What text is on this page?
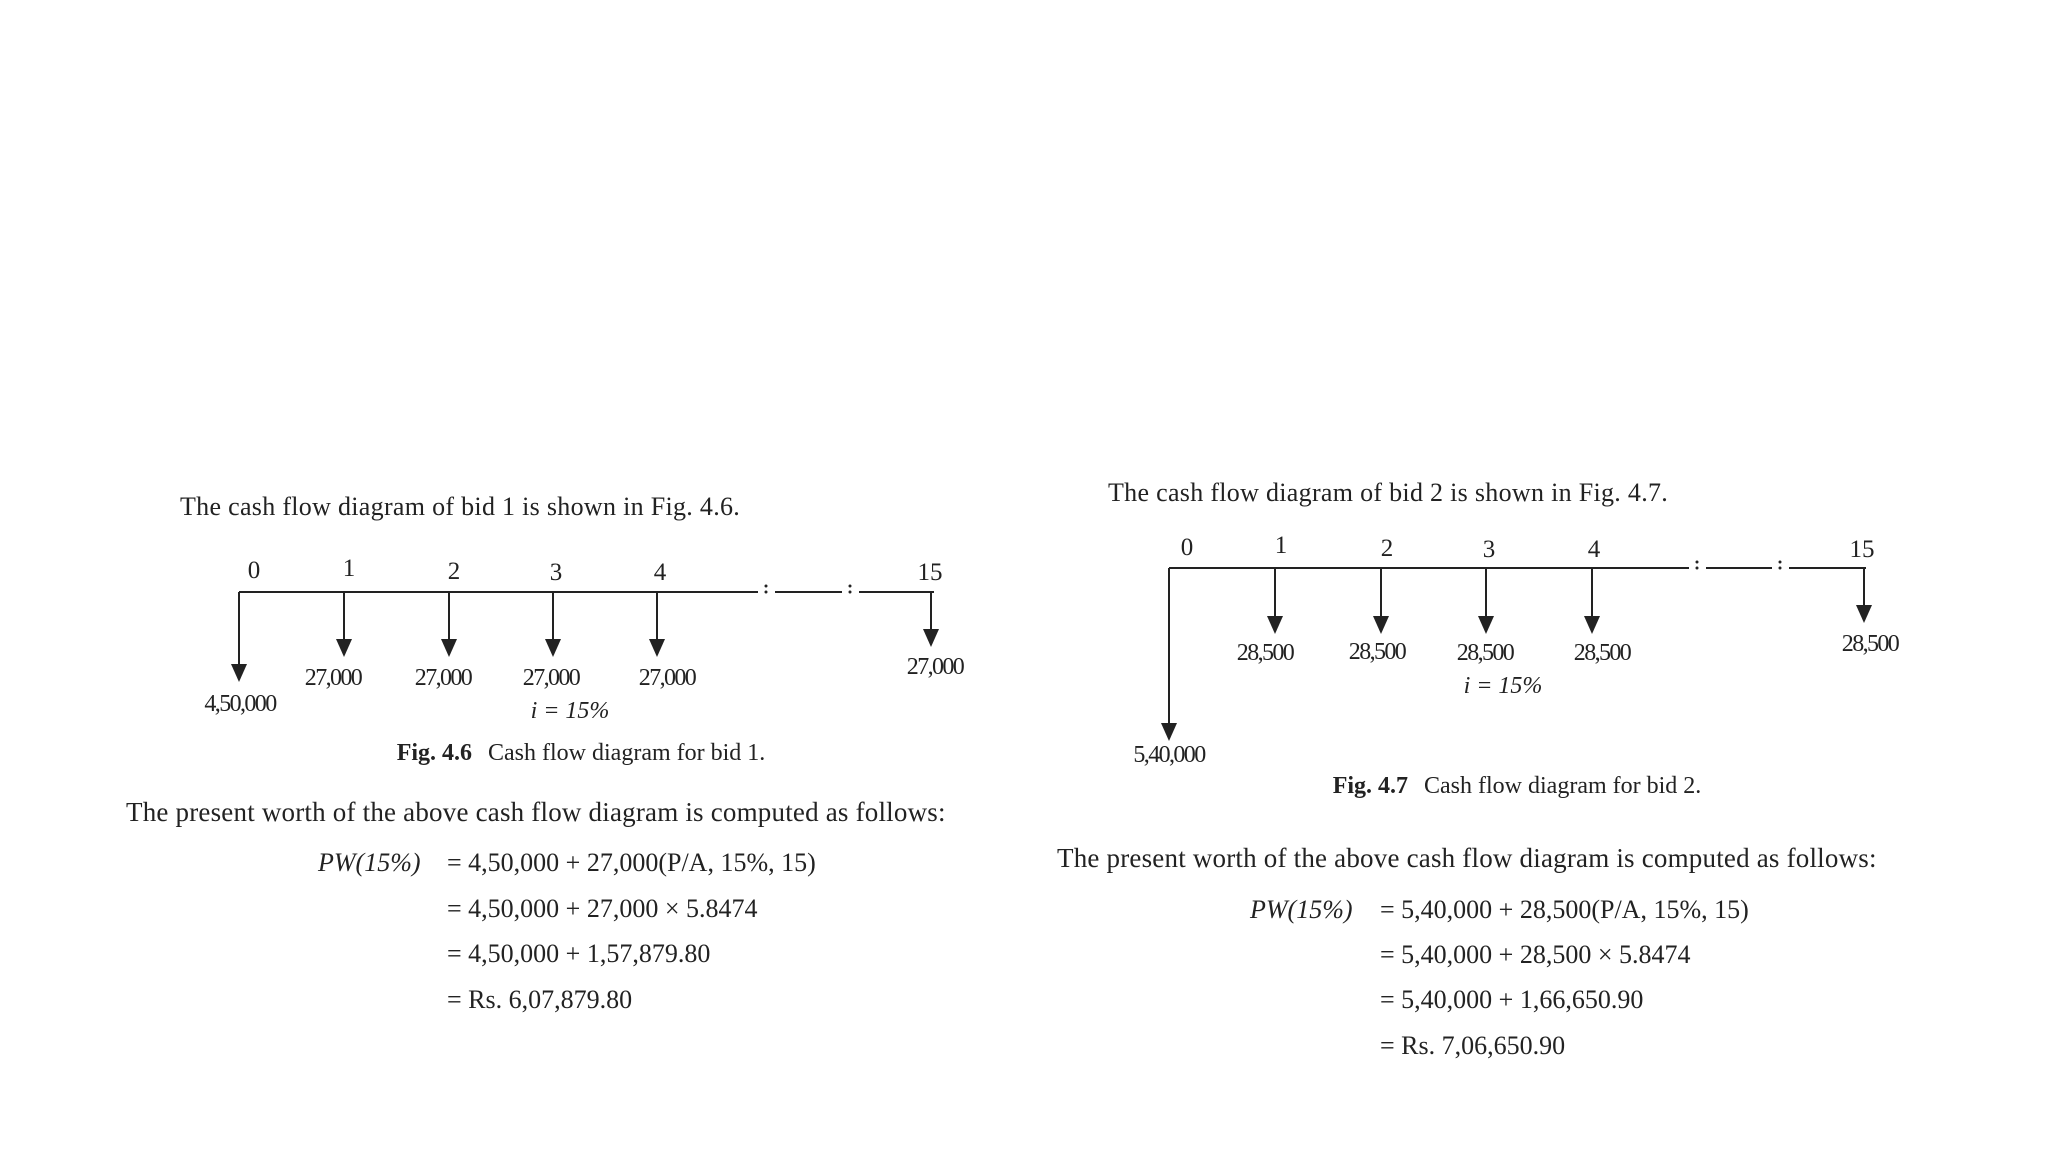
The cash flow diagram of bid 1 is shown in Fig. 4.6.
0	1	2	3	4	15
4,50,000
27,000 27,000 27,000 27,000	27,000
i = 15%
Fig. 4.6 Cash flow diagram for bid 1.
The present worth of the above cash flow diagram is computed as follows:
PW(15%) = 4,50,000 + 27,000(P/A, 15%, 15)
= 4,50,000 + 27,000 × 5.8474
= 4,50,000 + 1,57,879.80
= Rs. 6,07,879.80
The cash flow diagram of bid 2 is shown in Fig. 4.7.
0	1	2	3	4	15
5,40,000
28,500 28,500 28,500	28,500	28,500
i = 15%
Fig. 4.7 Cash flow diagram for bid 2.
The present worth of the above cash flow diagram is computed as follows:
PW(15%) = 5,40,000 + 28,500(P/A, 15%, 15)
= 5,40,000 + 28,500 × 5.8474
= 5,40,000 + 1,66,650.90
= Rs. 7,06,650.90
